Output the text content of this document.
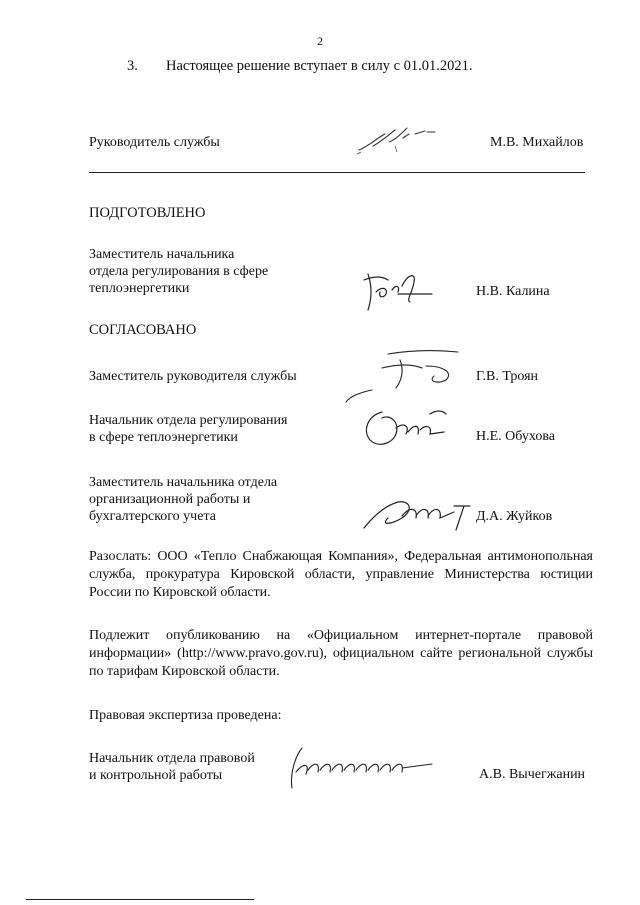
2
3. Настоящее решение вступает в силу с 01.01.2021.
Руководитель службы	М.В. Михайлов
ПОДГОТОВЛЕНО
Заместитель начальника
отдела регулирования в сфере
теплоэнергетики	Н.В. Калина
СОГЛАСОВАНО
Заместитель руководителя службы	Г.В. Троян
Начальник отдела регулирования
в сфере теплоэнергетики	Н.Е. Обухова
Заместитель начальника отдела
организационной работы и
бухгалтерского учета	Д.А. Жуйков
Разослать: ООО «Тепло Снабжающая Компания», Федеральная антимонопольная служба, прокуратура Кировской области, управление Министерства юстиции России по Кировской области.
Подлежит опубликованию на «Официальном интернет-портале правовой информации» (http://www.pravo.gov.ru), официальном сайте региональной службы по тарифам Кировской области.
Правовая экспертиза проведена:
Начальник отдела правовой
и контрольной работы	А.В. Вычегжанин
